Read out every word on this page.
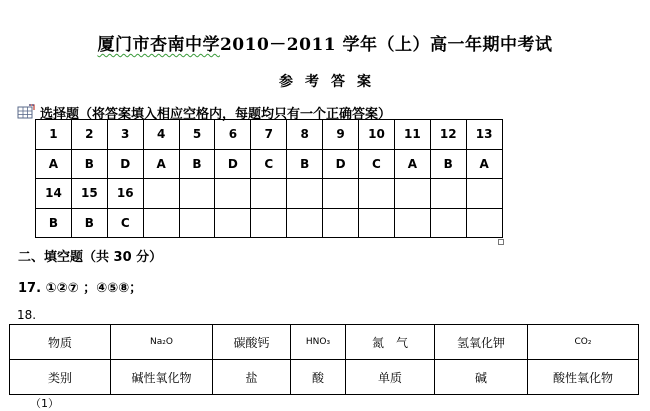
厦门市杏南中学2010－2011 学年（上）高一年期中考试
参考答案
选择题（将答案填入相应空格内，每题均只有一个正确答案）
1	2	3	4	5	6	7	8	9	10	11	12	13
A	B	D	A	B	D	C	B	D	C	A	B	A
14	15	16										
B	B	C										
二、填空题（共 30 分）
17. ①②⑦ ；④⑤⑧；
18.
物质	Na₂O	碳酸钙	HNO₃	氮　气	氢氧化钾	CO₂
类别	碱性氧化物	盐	酸	单质	碱	酸性氧化物
（1）
